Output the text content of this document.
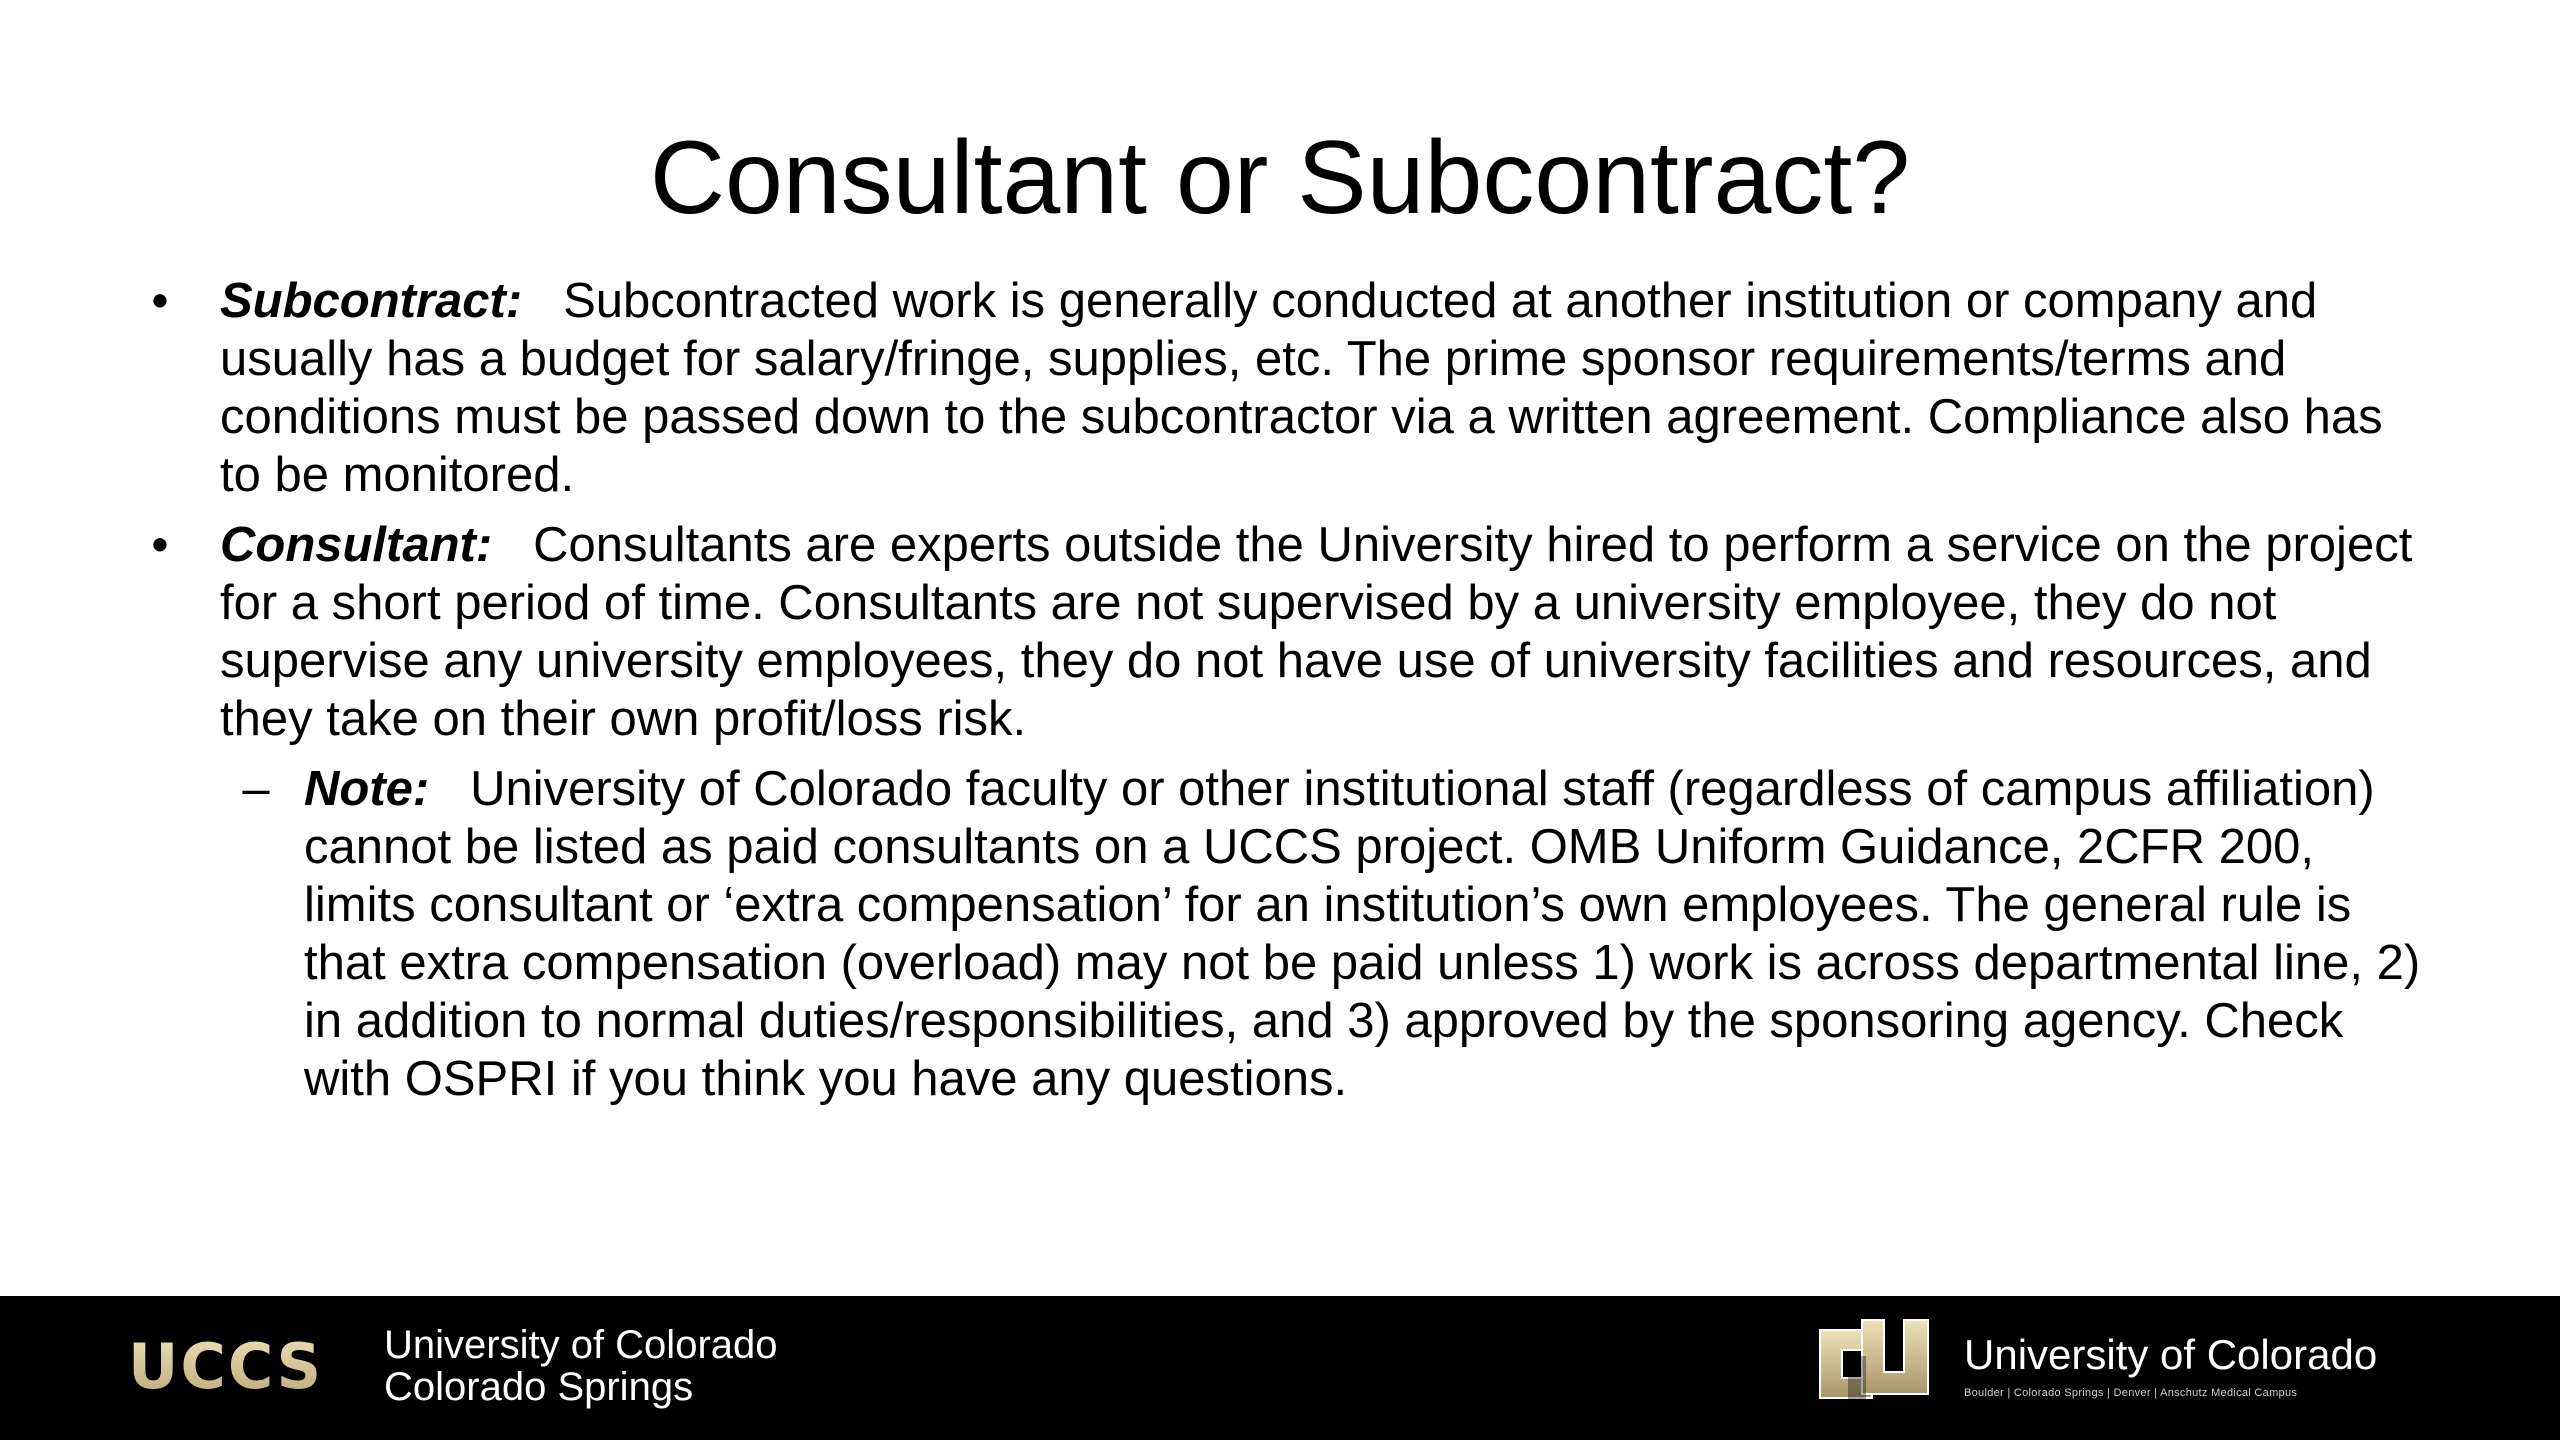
Consultant or Subcontract?
• Subcontract: Subcontracted work is generally conducted at another institution or company and usually has a budget for salary/fringe, supplies, etc. The prime sponsor requirements/terms and conditions must be passed down to the subcontractor via a written agreement. Compliance also has to be monitored.
• Consultant: Consultants are experts outside the University hired to perform a service on the project for a short period of time. Consultants are not supervised by a university employee, they do not supervise any university employees, they do not have use of university facilities and resources, and they take on their own profit/loss risk.
– Note: University of Colorado faculty or other institutional staff (regardless of campus affiliation) cannot be listed as paid consultants on a UCCS project. OMB Uniform Guidance, 2CFR 200, limits consultant or ‘extra compensation’ for an institution’s own employees. The general rule is that extra compensation (overload) may not be paid unless 1) work is across departmental line, 2) in addition to normal duties/responsibilities, and 3) approved by the sponsoring agency. Check with OSPRI if you think you have any questions.
UCCS University of Colorado
Colorado Springs
University of Colorado
Boulder | Colorado Springs | Denver | Anschutz Medical Campus
